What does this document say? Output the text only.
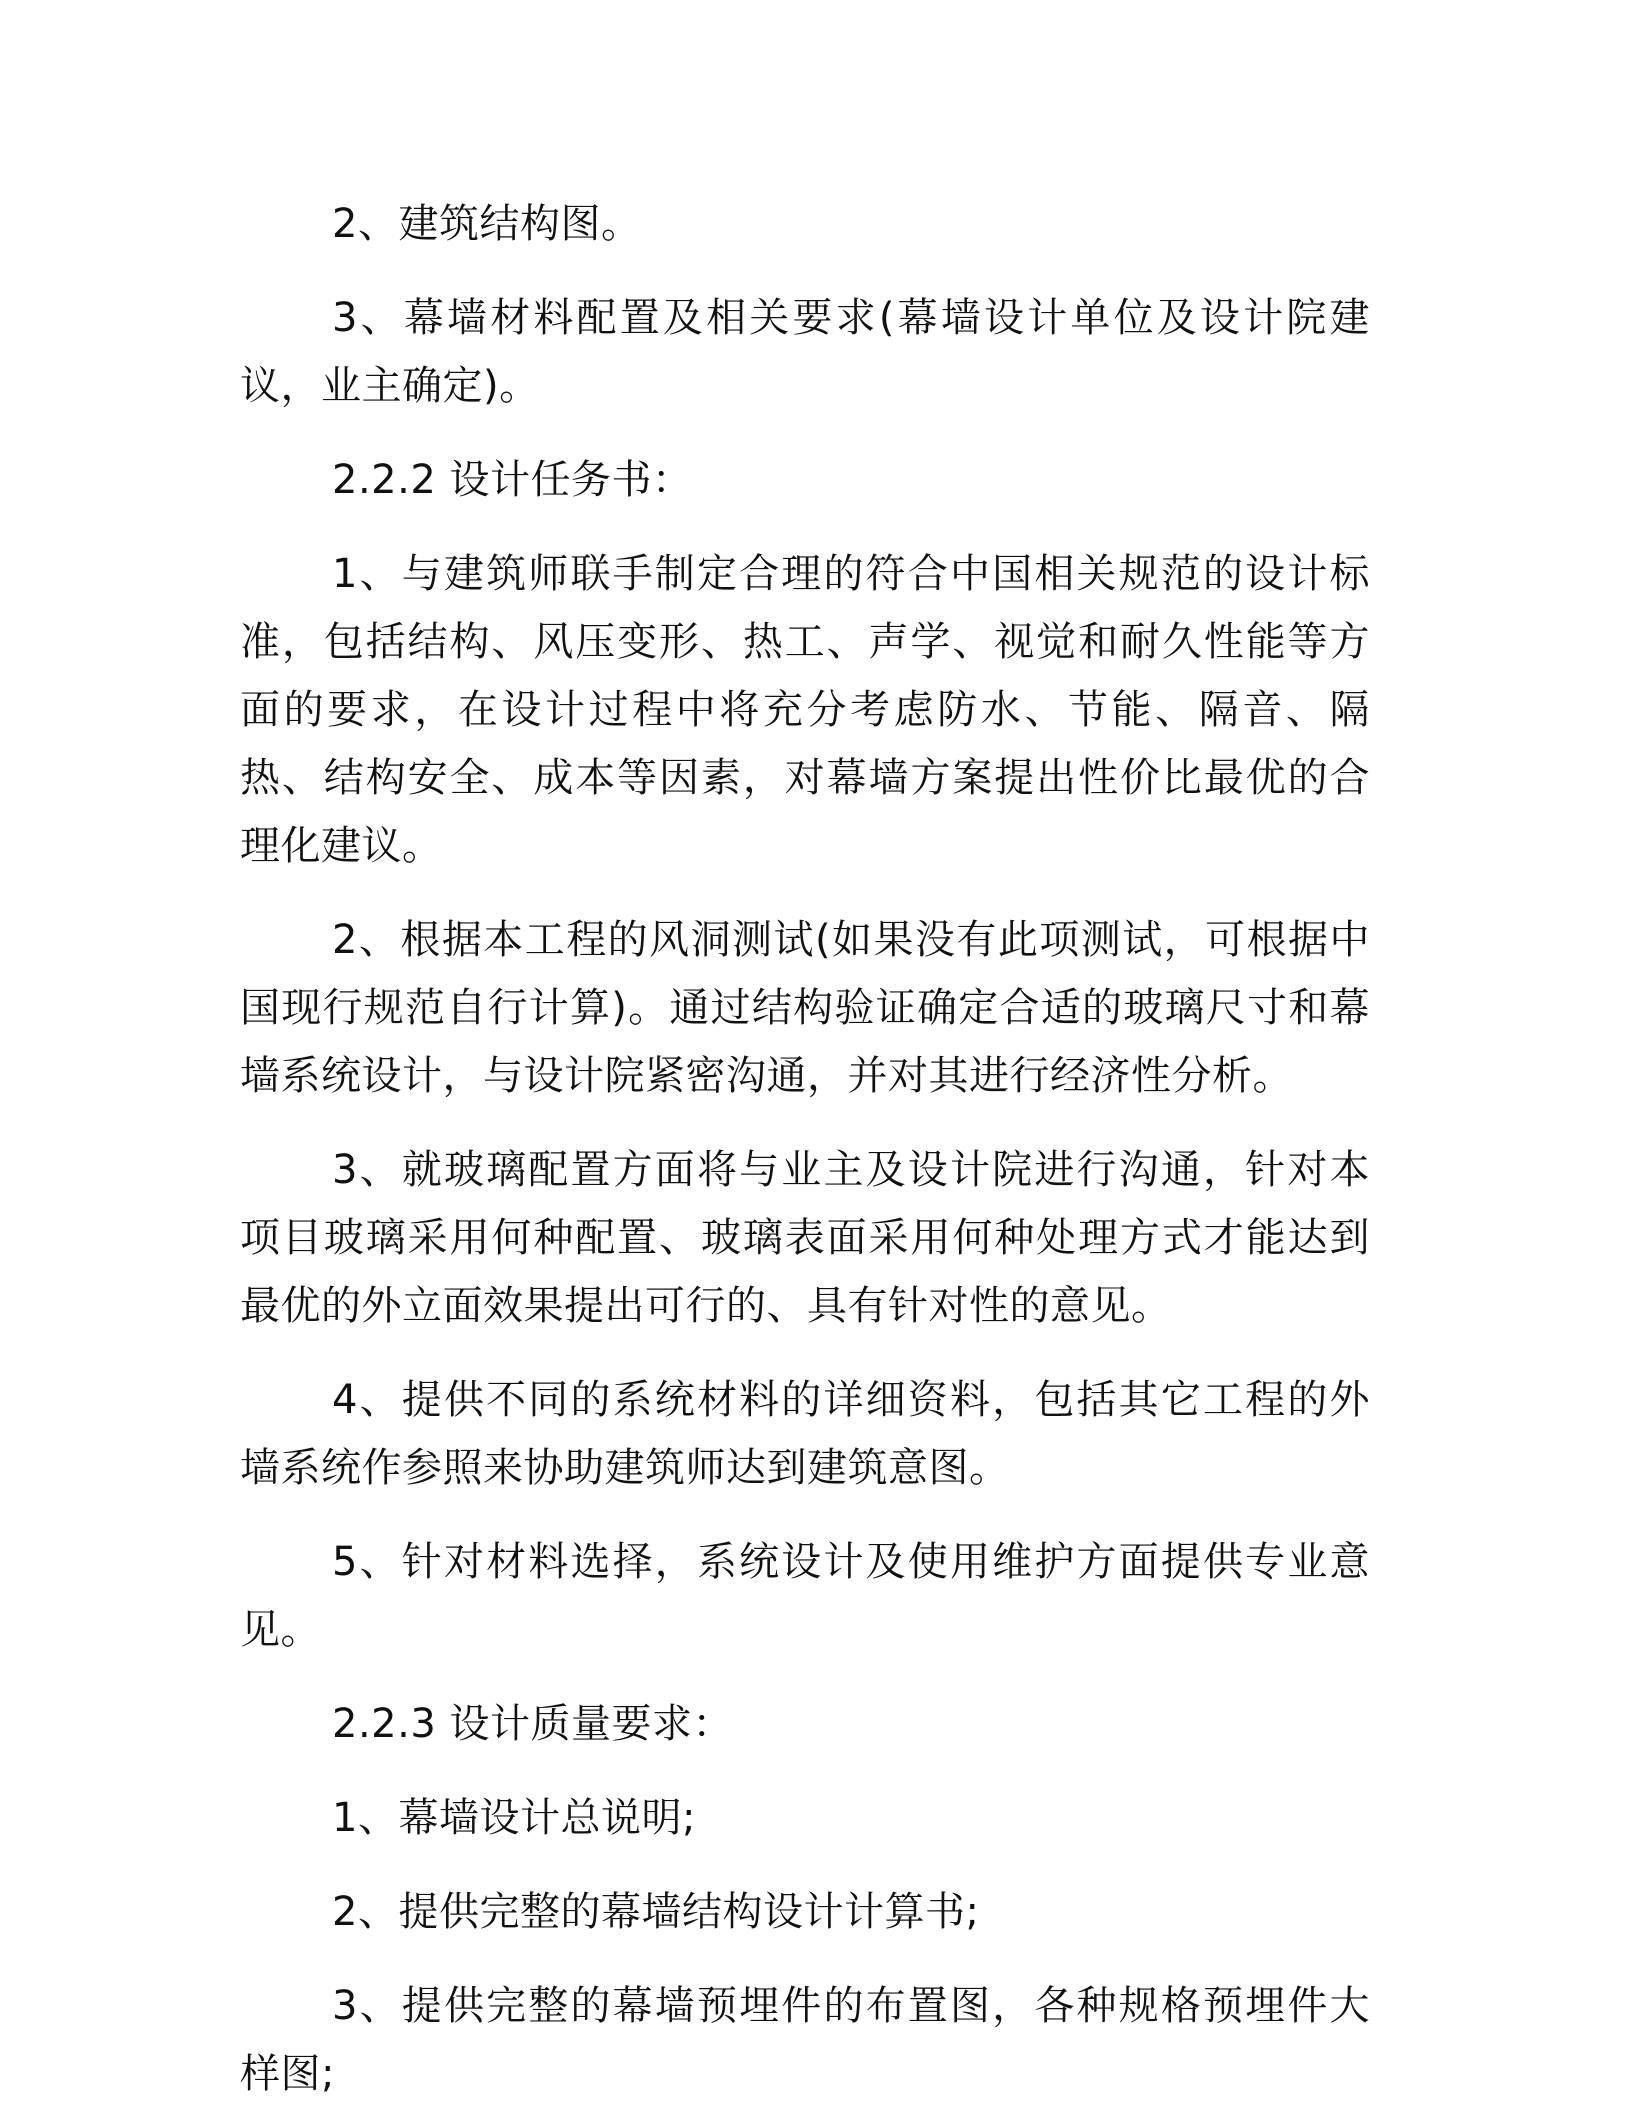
2、建筑结构图。

3、幕墙材料配置及相关要求(幕墙设计单位及设计院建议，业主确定)。

2.2.2 设计任务书：

1、与建筑师联手制定合理的符合中国相关规范的设计标准，包括结构、风压变形、热工、声学、视觉和耐久性能等方面的要求，在设计过程中将充分考虑防水、节能、隔音、隔热、结构安全、成本等因素，对幕墙方案提出性价比最优的合理化建议。

2、根据本工程的风洞测试(如果没有此项测试，可根据中国现行规范自行计算)。通过结构验证确定合适的玻璃尺寸和幕墙系统设计，与设计院紧密沟通，并对其进行经济性分析。

3、就玻璃配置方面将与业主及设计院进行沟通，针对本项目玻璃采用何种配置、玻璃表面采用何种处理方式才能达到最优的外立面效果提出可行的、具有针对性的意见。

4、提供不同的系统材料的详细资料，包括其它工程的外墙系统作参照来协助建筑师达到建筑意图。

5、针对材料选择，系统设计及使用维护方面提供专业意见。

2.2.3 设计质量要求：

1、幕墙设计总说明;

2、提供完整的幕墙结构设计计算书;

3、提供完整的幕墙预埋件的布置图，各种规格预埋件大样图;
